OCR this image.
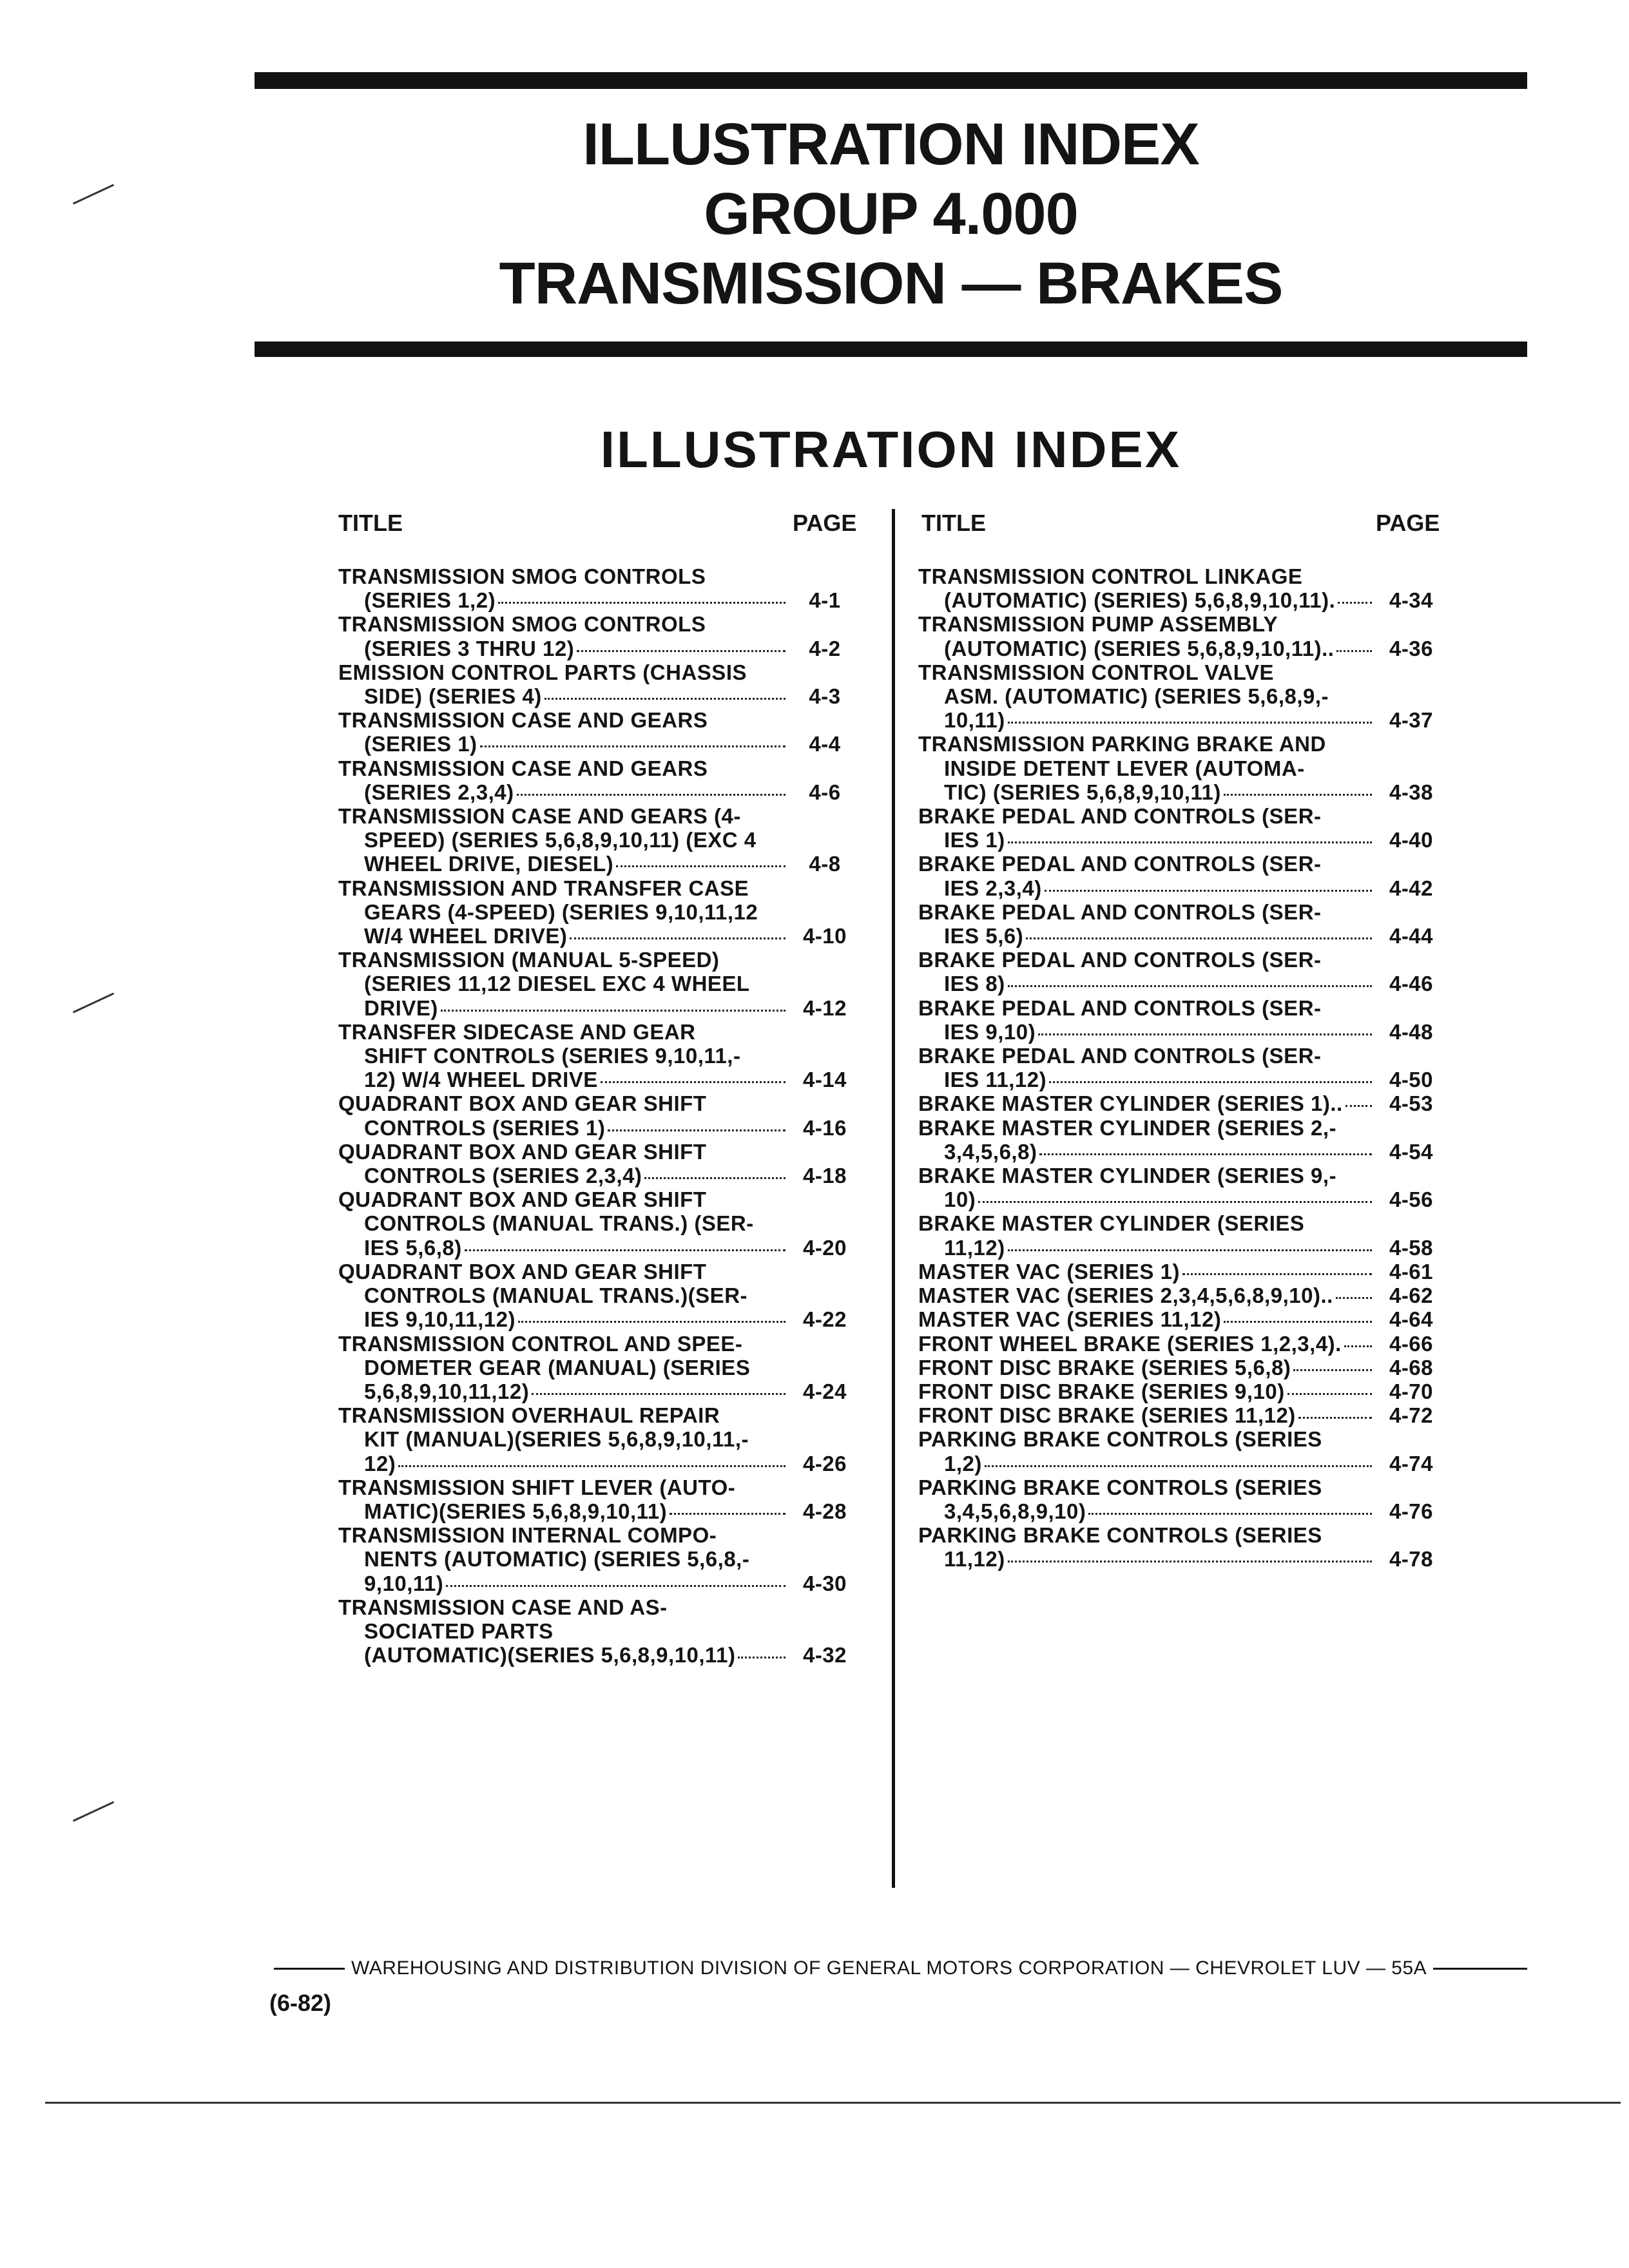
ILLUSTRATION INDEX
GROUP 4.000
TRANSMISSION — BRAKES
ILLUSTRATION INDEX
TITLE	PAGE	TITLE	PAGE
TRANSMISSION SMOG CONTROLS
(SERIES 1,2)	4-1
TRANSMISSION SMOG CONTROLS
(SERIES 3 THRU 12)	4-2
EMISSION CONTROL PARTS (CHASSIS
SIDE) (SERIES 4)	4-3
TRANSMISSION CASE AND GEARS
(SERIES 1)	4-4
TRANSMISSION CASE AND GEARS
(SERIES 2,3,4)	4-6
TRANSMISSION CASE AND GEARS (4-
SPEED) (SERIES 5,6,8,9,10,11) (EXC 4
WHEEL DRIVE, DIESEL)	4-8
TRANSMISSION AND TRANSFER CASE
GEARS (4-SPEED) (SERIES 9,10,11,12
W/4 WHEEL DRIVE)	4-10
TRANSMISSION (MANUAL 5-SPEED)
(SERIES 11,12 DIESEL EXC 4 WHEEL
DRIVE)	4-12
TRANSFER SIDECASE AND GEAR
SHIFT CONTROLS (SERIES 9,10,11,-
12) W/4 WHEEL DRIVE	4-14
QUADRANT BOX AND GEAR SHIFT
CONTROLS (SERIES 1)	4-16
QUADRANT BOX AND GEAR SHIFT
CONTROLS (SERIES 2,3,4)	4-18
QUADRANT BOX AND GEAR SHIFT
CONTROLS (MANUAL TRANS.) (SER-
IES 5,6,8)	4-20
QUADRANT BOX AND GEAR SHIFT
CONTROLS (MANUAL TRANS.)(SER-
IES 9,10,11,12)	4-22
TRANSMISSION CONTROL AND SPEE-
DOMETER GEAR (MANUAL) (SERIES
5,6,8,9,10,11,12)	4-24
TRANSMISSION OVERHAUL REPAIR
KIT (MANUAL)(SERIES 5,6,8,9,10,11,-
12)	4-26
TRANSMISSION SHIFT LEVER (AUTO-
MATIC)(SERIES 5,6,8,9,10,11)	4-28
TRANSMISSION INTERNAL COMPO-
NENTS (AUTOMATIC) (SERIES 5,6,8,-
9,10,11)	4-30
TRANSMISSION CASE AND AS-
SOCIATED PARTS
(AUTOMATIC)(SERIES 5,6,8,9,10,11)	4-32
TRANSMISSION CONTROL LINKAGE
(AUTOMATIC) (SERIES) 5,6,8,9,10,11).	4-34
TRANSMISSION PUMP ASSEMBLY
(AUTOMATIC) (SERIES 5,6,8,9,10,11)..	4-36
TRANSMISSION CONTROL VALVE
ASM. (AUTOMATIC) (SERIES 5,6,8,9,-
10,11)	4-37
TRANSMISSION PARKING BRAKE AND
INSIDE DETENT LEVER (AUTOMA-
TIC) (SERIES 5,6,8,9,10,11)	4-38
BRAKE PEDAL AND CONTROLS (SER-
IES 1)	4-40
BRAKE PEDAL AND CONTROLS (SER-
IES 2,3,4)	4-42
BRAKE PEDAL AND CONTROLS (SER-
IES 5,6)	4-44
BRAKE PEDAL AND CONTROLS (SER-
IES 8)	4-46
BRAKE PEDAL AND CONTROLS (SER-
IES 9,10)	4-48
BRAKE PEDAL AND CONTROLS (SER-
IES 11,12)	4-50
BRAKE MASTER CYLINDER (SERIES 1)..	4-53
BRAKE MASTER CYLINDER (SERIES 2,-
3,4,5,6,8)	4-54
BRAKE MASTER CYLINDER (SERIES 9,-
10)	4-56
BRAKE MASTER CYLINDER (SERIES
11,12)	4-58
MASTER VAC (SERIES 1)	4-61
MASTER VAC (SERIES 2,3,4,5,6,8,9,10)..	4-62
MASTER VAC (SERIES 11,12)	4-64
FRONT WHEEL BRAKE (SERIES 1,2,3,4).	4-66
FRONT DISC BRAKE (SERIES 5,6,8)	4-68
FRONT DISC BRAKE (SERIES 9,10)	4-70
FRONT DISC BRAKE (SERIES 11,12)	4-72
PARKING BRAKE CONTROLS (SERIES
1,2)	4-74
PARKING BRAKE CONTROLS (SERIES
3,4,5,6,8,9,10)	4-76
PARKING BRAKE CONTROLS (SERIES
11,12)	4-78
WAREHOUSING AND DISTRIBUTION DIVISION OF GENERAL MOTORS CORPORATION — CHEVROLET LUV — 55A
(6-82)
